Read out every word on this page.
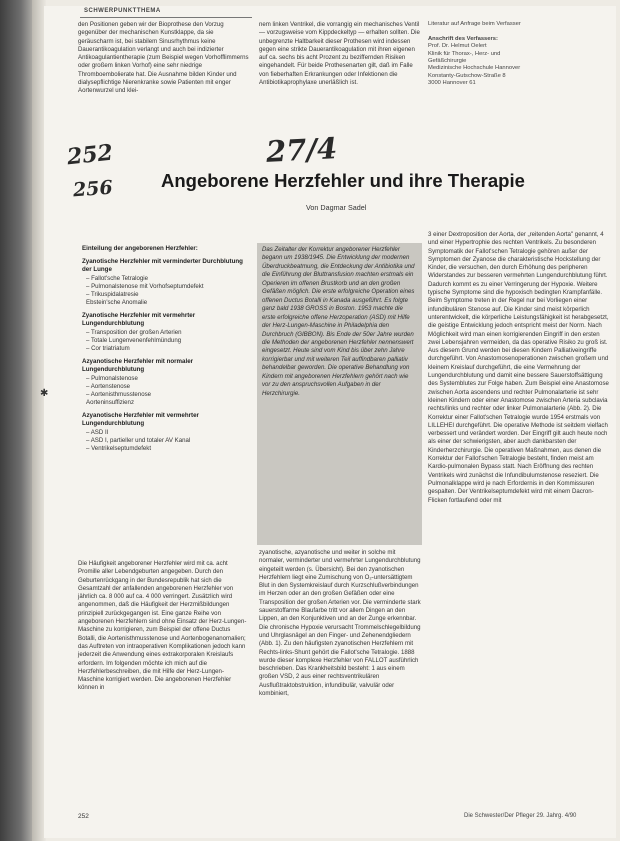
SCHWERPUNKTTHEMA

den Positionen geben wir der Bioprothese den Vorzug gegenüber der mechanischen Kunstklappe, da sie geräuscharm ist, bei stabilem Sinusrhythmus keine Dauerantikoagulation verlangt und auch bei indizierter Antikoagulantientherapie (zum Beispiel wegen Vorhofflimmerns oder großem linken Vorhof) eine sehr niedrige Thromboembolierate hat. Die Ausnahme bilden Kinder und dialysepflichtige Nierenkranke sowie Patienten mit enger Aortenwurzel und klei-

nem linken Ventrikel, die vorrangig ein mechanisches Ventil — vorzugsweise vom Kippdeckeltyp — erhalten sollten. Die unbegrenzte Haltbarkeit dieser Prothesen wird indessen gegen eine strikte Dauerantikoagulation mit ihren eigenen auf ca. sechs bis acht Prozent zu beziffernden Risiken eingehandelt. Für beide Prothesenarten gilt, daß im Falle von fieberhaften Erkrankungen oder Infektionen die Antibiotikaprophylaxe unerläßlich ist.

Literatur auf Anfrage beim Verfasser

Anschrift des Verfassers:
Prof. Dr. Helmut Oelert
Klinik für Thorax-, Herz- und
Gefäßchirurgie
Medizinische Hochschule Hannover
Konstanty-Gutschow-Straße 8
3000 Hannover 61
252
256
27/4
Angeborene Herzfehler und ihre Therapie
Von Dagmar Sadel
Einteilung der angeborenen Herzfehler:
Zyanotische Herzfehler mit verminderter Durchblutung der Lunge
– Fallot'sche Tetralogie
– Pulmonalstenose mit Vorhofseptumdefekt
– Trikuspidalatresie
Ebstein'sche Anomalie
Zyanotische Herzfehler mit vermehrter Lungendurchblutung
– Transposition der großen Arterien
– Totale Lungenvenenfehlmündung
– Cor triatriatum
Azyanotische Herzfehler mit normaler Lungendurchblutung
– Pulmonalstenose
– Aortenstenose
– Aortenisthmusstenose
Aorteninsuffizienz
Azyanotische Herzfehler mit vermehrter Lungendurchblutung
– ASD II
– ASD I, partieller und totaler AV Kanal
– Ventrikelseptumdefekt

Das Zeitalter der Korrektur angeborener Herzfehler begann um 1938/1945. Die Entwicklung der modernen Überdruckbeatmung, die Entdeckung der Antibiotika und die Einführung der Bluttransfusion machten erstmals ein Operieren im offenen Brustkorb und an den großen Gefäßen möglich. Die erste erfolgreiche Operation eines offenen Ductus Botalli in Kanada ausgeführt. Es folgte ganz bald 1938 GROSS in Boston. 1953 machte die erste erfolgreiche offene Herzoperation (ASD) mit Hilfe der Herz-Lungen-Maschine in Philadelphia den Durchbruch (GIBBON). Bis Ende der 50er Jahre wurden die Methoden der angeborenen Herzfehler nennenswert eingesetzt. Heute sind vom Kind bis über zehn Jahre korrigierbar und mit weiteren Teil auffindbaren palliativ behandelbar geworden. Die operative Behandlung von Kindern mit angeborenen Herzfehlern gehört nach wie vor zu den anspruchsvollen Aufgaben in der Herzchirurgie.

✱

Die Häufigkeit angeborener Herzfehler wird mit ca. acht Promille aller Lebendgeburten angegeben. Durch den Geburtenrückgang in der Bundesrepublik hat sich die Gesamtzahl der anfallenden angeborenen Herzfehler von jährlich ca. 8 000 auf ca. 4 000 verringert. Zusätzlich wird angenommen, daß die Häufigkeit der Herzmißbildungen prinzipiell zurückgegangen ist. Eine ganze Reihe von angeborenen Herzfehlern sind ohne Einsatz der Herz-Lungen-Maschine zu korrigieren, zum Beispiel der offene Ductus Botalli, die Aortenisthmusstenose und Aortenbogenanomalien; das Auftreten von intraoperativen Komplikationen jedoch kann jederzeit die Anwendung eines extrakorporalen Kreislaufs erfordern. Im folgenden möchte ich mich auf die Herzfehlerbeschreiben, die mit Hilfe der Herz-Lungen-Maschine korrigiert werden. Die angeborenen Herzfehler können in

zyanotische, azyanotische und weiter in solche mit normaler, verminderter und vermehrter Lungendurchblutung eingeteilt werden (s. Übersicht). Bei den zyanotischen Herzfehlern liegt eine Zumischung von O₂-untersättigtem Blut in den Systemkreislauf durch Kurzschlußverbindungen im Herzen oder an den großen Gefäßen oder eine Transposition der großen Arterien vor. Die verminderte stark sauerstoffarme Blaufarbe tritt vor allem Dingen an den Lippen, an den Konjunktiven und an der Zunge erkennbar. Die chronische Hypoxie verursacht Trommelschlegelbildung und Uhrglasnägel an den Finger- und Zehenendgliedern (Abb. 1). Zu den häufigsten zyanotischen Herzfehlern mit Rechts-links-Shunt gehört die Fallot'sche Tetralogie. 1888 wurde dieser komplexe Herzfehler von FALLOT ausführlich beschrieben. Das Krankheitsbild besteht: 1 aus einem großen VSD, 2 aus einer rechtsventrikulären Ausflußtraktobstruktion, infundibulär, valvulär oder kombiniert,

3 einer Dextroposition der Aorta, der „reitenden Aorta" genannt, 4 und einer Hypertrophie des rechten Ventrikels. Zu besonderen Symptomatik der Fallot'schen Tetralogie gehören außer der Symptomen der Zyanose die charakteristische Hockstellung der Kinder, die versuchen, den durch Erhöhung des peripheren Widerstandes zur besseren vermehrten Lungendurchblutung führt. Dadurch kommt es zu einer Verringerung der Hypoxie. Weitere typische Symptome sind die hypoxisch bedingten Krampfanfälle. Beim Symptome treten in der Regel nur bei Vorliegen einer infundibulären Stenose auf. Die Kinder sind meist körperlich unterentwickelt, die körperliche Leistungsfähigkeit ist herabgesetzt, die geistige Entwicklung jedoch entspricht meist der Norm. Nach Möglichkeit wird man einen korrigierenden Eingriff in den ersten zwei Lebensjahren vermeiden, da das operative Risiko zu groß ist. Aus diesem Grund werden bei diesen Kindern Palliativeingriffe durchgeführt. Von Anastomosenoperationen zwischen großem und kleinem Kreislauf durchgeführt, die eine Vermehrung der Lungendurchblutung und damit eine bessere Sauerstoffsättigung des Systemblutes zur Folge haben. Zum Beispiel eine Anastomose zwischen Aorta ascendens und rechter Pulmonalarterie ist sehr kleinen Kindern oder einer Anastomose zwischen Arteria subclavia rechts/links und rechter oder linker Pulmonalarterie (Abb. 2). Die Korrektur einer Fallot'schen Tetralogie wurde 1954 erstmals von LILLEHEI durchgeführt. Die operative Methode ist seitdem vielfach verbessert und verändert worden. Der Eingriff gilt auch heute noch als einer der schwierigsten, aber auch dankbarsten der Kinderherzchirurgie. Die operativen Maßnahmen, aus denen die Korrektur der Fallot'schen Tetralogie besteht, finden meist am Kardio-pulmonalen Bypass statt. Nach Eröffnung des rechten Ventrikels wird zunächst die Infundibulumstenose reseziert. Die Pulmonalklappe wird je nach Erfordernis in den Kommissuren gespalten. Der Ventrikelseptumdefekt wird mit einem Dacron-Flicken fortlaufend oder mit

252	Die Schwester/Der Pfleger 29. Jahrg. 4/90
